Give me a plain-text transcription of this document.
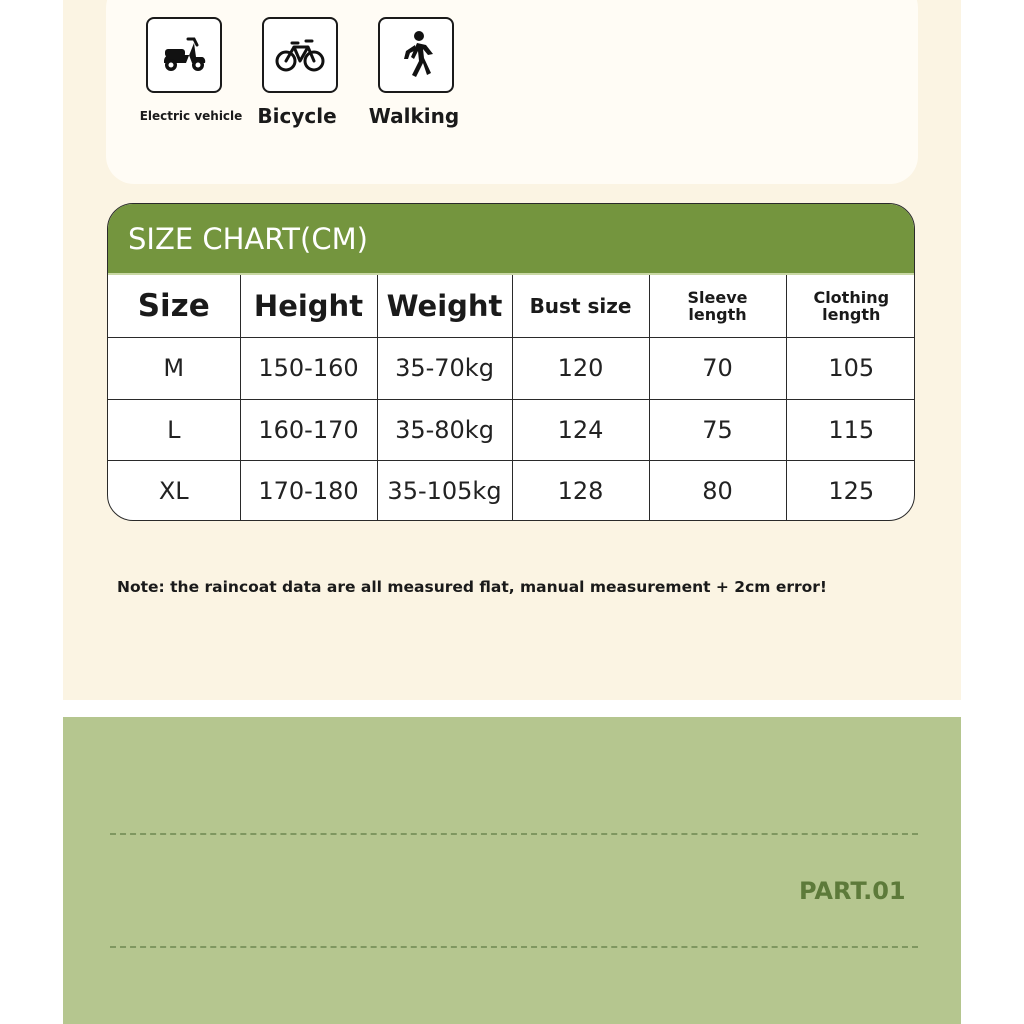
Electric vehicle Bicycle Walking
SIZE CHART(CM)
Size	Height	Weight	Bust size	Sleeve length	Clothing length
M	150-160	35-70kg	120	70	105
L	160-170	35-80kg	124	75	115
XL	170-180	35-105kg	128	80	125
Note: the raincoat data are all measured flat, manual measurement + 2cm error!
PART.01
